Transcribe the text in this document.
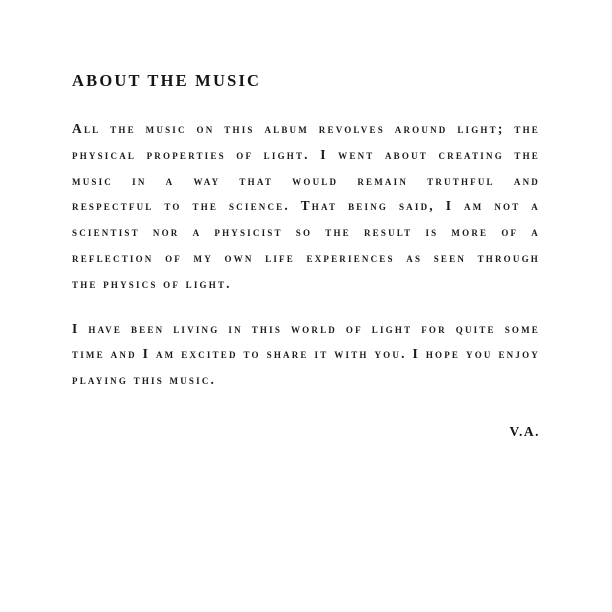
ABOUT THE MUSIC
All the music on this album revolves around light; the
physical properties of light. I went about creating the
music in a way that would remain truthful and
respectful to the science. That being said, I am not a
scientist nor a physicist so the result is more of a
reflection of my own life experiences as seen through
the physics of light.
I have been living in this world of light for quite some
time and I am excited to share it with you. I hope you enjoy
playing this music.
V.A.
